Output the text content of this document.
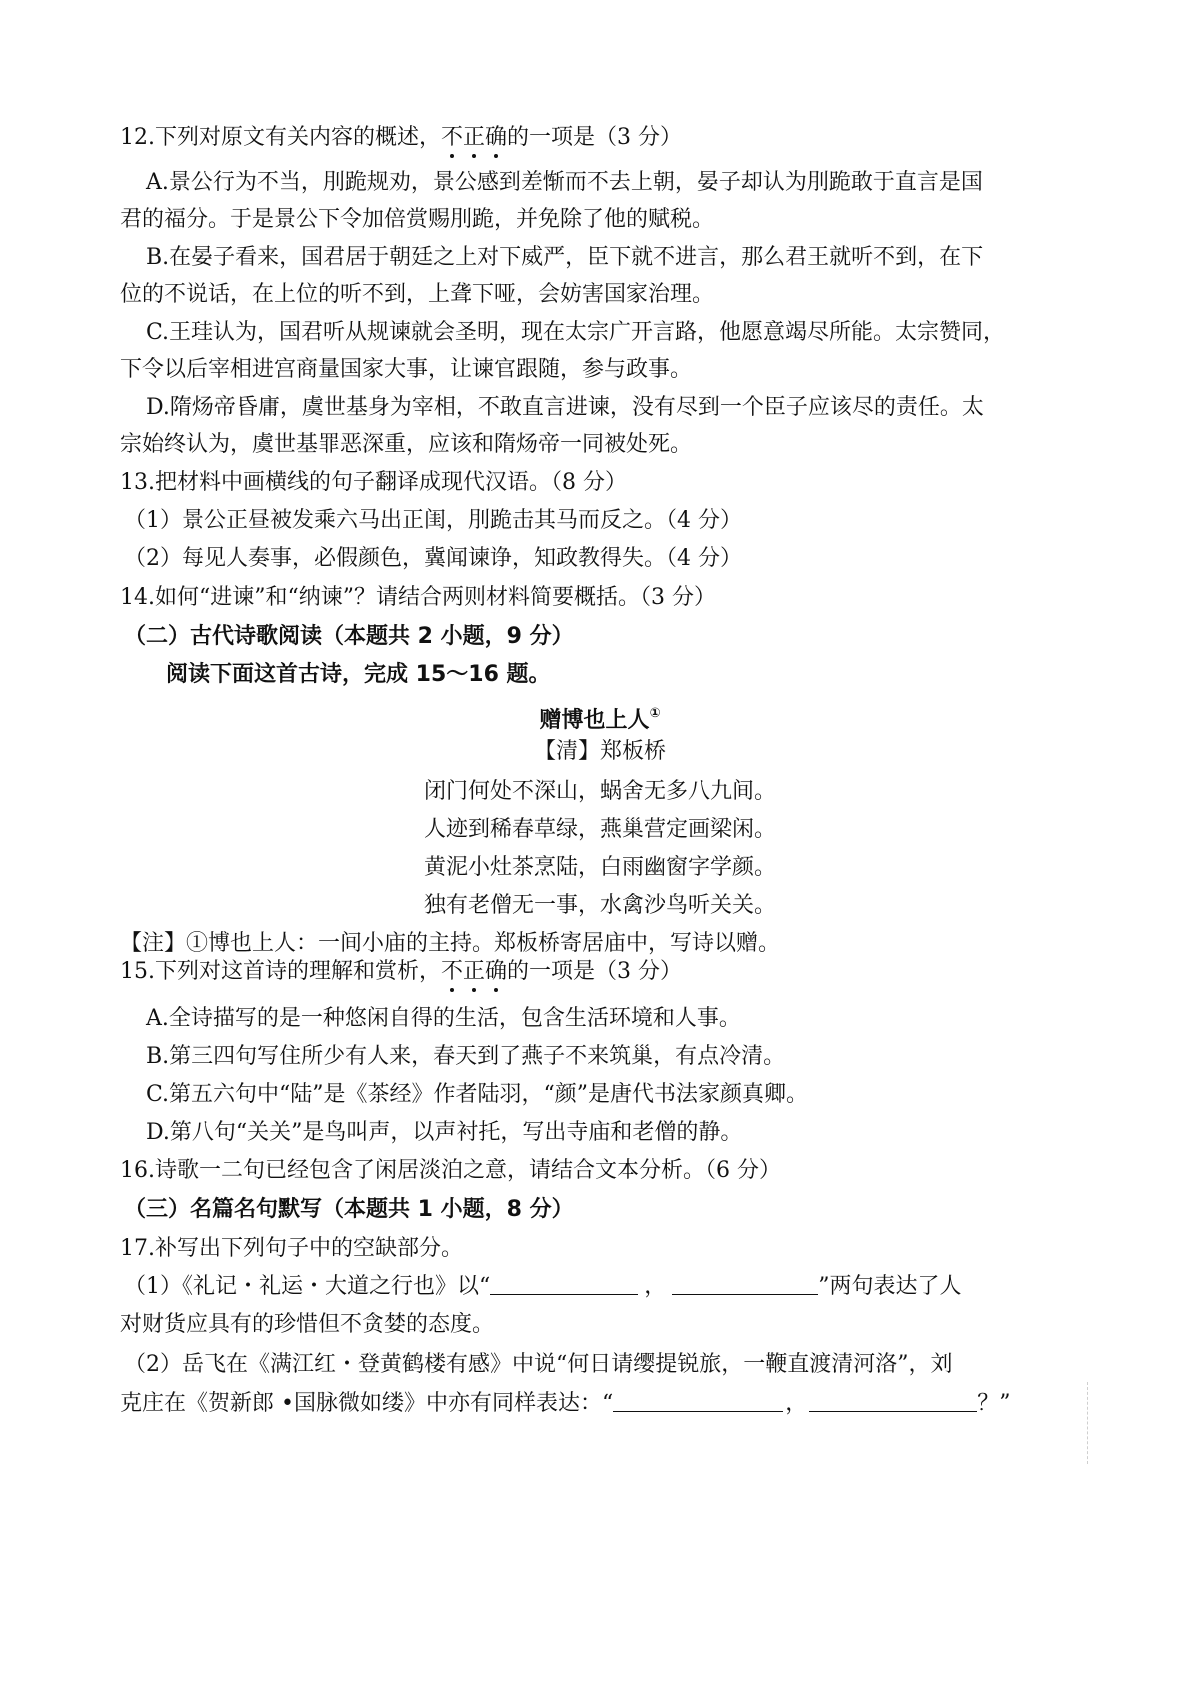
12.下列对原文有关内容的概述，不正确的一项是（3 分）
A.景公行为不当，刖跪规劝，景公感到差惭而不去上朝，晏子却认为刖跪敢于直言是国
君的福分。于是景公下令加倍赏赐刖跪，并免除了他的赋税。
B.在晏子看来，国君居于朝廷之上对下威严，臣下就不进言，那么君王就听不到，在下
位的不说话，在上位的听不到，上聋下哑，会妨害国家治理。
C.王珪认为，国君听从规谏就会圣明，现在太宗广开言路，他愿意竭尽所能。太宗赞同，
下令以后宰相进宫商量国家大事，让谏官跟随，参与政事。
D.隋炀帝昏庸，虞世基身为宰相，不敢直言进谏，没有尽到一个臣子应该尽的责任。太
宗始终认为，虞世基罪恶深重，应该和隋炀帝一同被处死。
13.把材料中画横线的句子翻译成现代汉语。（8 分）
（1）景公正昼被发乘六马出正闺，刖跪击其马而反之。（4 分）
（2）每见人奏事，必假颜色，冀闻谏诤，知政教得失。（4 分）
14.如何“进谏”和“纳谏”？请结合两则材料简要概括。（3 分）
（二）古代诗歌阅读（本题共 2 小题，9 分）
阅读下面这首古诗，完成 15～16 题。
赠博也上人①
【清】郑板桥
闭门何处不深山，蜗舍无多八九间。
人迹到稀春草绿，燕巢营定画梁闲。
黄泥小灶茶烹陆，白雨幽窗字学颜。
独有老僧无一事，水禽沙鸟听关关。
【注】①博也上人：一间小庙的主持。郑板桥寄居庙中，写诗以赠。
15.下列对这首诗的理解和赏析，不正确的一项是（3 分）
A.全诗描写的是一种悠闲自得的生活，包含生活环境和人事。
B.第三四句写住所少有人来，春天到了燕子不来筑巢，有点冷清。
C.第五六句中“陆”是《茶经》作者陆羽，“颜”是唐代书法家颜真卿。
D.第八句“关关”是鸟叫声，以声衬托，写出寺庙和老僧的静。
16.诗歌一二句已经包含了闲居淡泊之意，请结合文本分析。（6 分）
（三）名篇名句默写（本题共 1 小题，8 分）
17.补写出下列句子中的空缺部分。
（1）《礼记・礼运・大道之行也》以“	，	”两句表达了人
对财货应具有的珍惜但不贪婪的态度。
（2）岳飞在《满江红・登黄鹤楼有感》中说“何日请缨提锐旅，一鞭直渡清河洛”，刘
克庄在《贺新郎 •国脉微如缕》中亦有同样表达：“	，	？”
